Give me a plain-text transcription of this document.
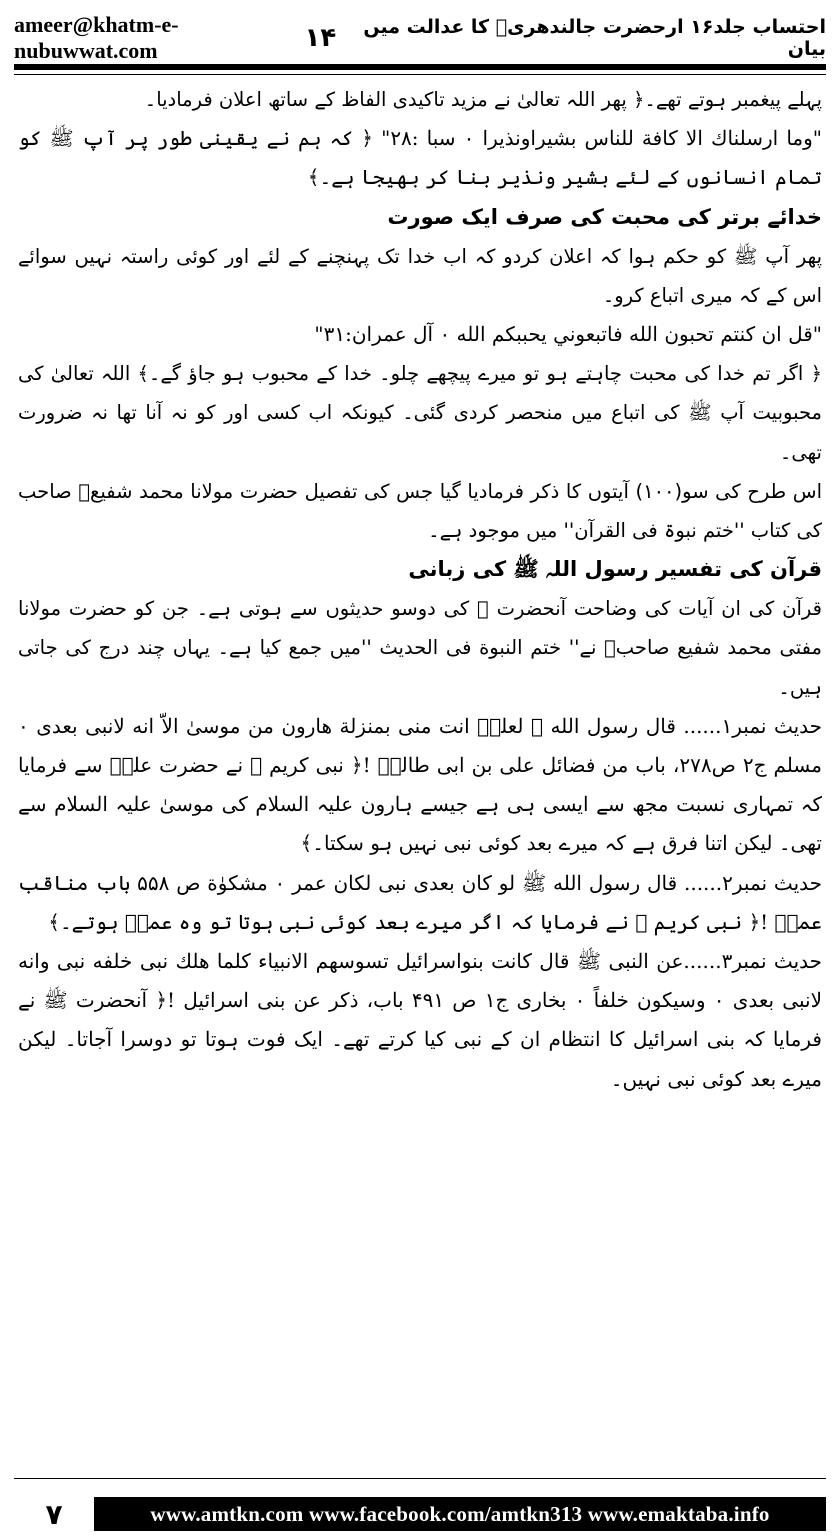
ameer@khatm-e-nubuwwat.com
احتساب جلد۱۶ ارحضرت جالندھریؒ کا عدالت میں بیان
۱۴

پہلے پیغمبر ہوتے تھے۔﴿ پھر اللہ تعالیٰ نے مزید تاکیدی الفاظ کے ساتھ اعلان فرمادیا۔

"وما ارسلناك الا كافة للناس بشيراونذيرا ۰ سبا :۲۸" ﴿ کہ ہم نے یقینی طور پر آپ ﷺ کو تمام انسانوں کے لئے بشیر ونذیر بنا کر بھیجا ہے۔﴾

خدائے برتر کی محبت کی صرف ایک صورت

پھر آپ ﷺ کو حکم ہوا کہ اعلان کردو کہ اب خدا تک پہنچنے کے لئے اور کوئی راستہ نہیں سوائے اس کے کہ میری اتباع کرو۔

"قل ان كنتم تحبون الله فاتبعوني يحببكم الله ۰ آل عمران:۳۱"

﴿ اگر تم خدا کی محبت چاہتے ہو تو میرے پیچھے چلو۔ خدا کے محبوب ہو جاؤ گے۔﴾ اللہ تعالیٰ کی محبوبیت آپ ﷺ کی اتباع میں منحصر کردی گئی۔ کیونکہ اب کسی اور کو نہ آنا تھا نہ ضرورت تھی۔

اس طرح کی سو(۱۰۰) آیتوں کا ذکر فرمادیا گیا جس کی تفصیل حضرت مولانا محمد شفیعؒ صاحب کی کتاب ''ختم نبوۃ فی القرآن'' میں موجود ہے۔

قرآن کی تفسیر رسول اللہ ﷺ کی زبانی

قرآن کی ان آیات کی وضاحت آنحضرت ﷺ کی دوسو حدیثوں سے ہوتی ہے۔ جن کو حضرت مولانا مفتی محمد شفیع صاحبؒ نے'' ختم النبوة فی الحدیث ''میں جمع کیا ہے۔ یہاں چند درج کی جاتی ہیں۔

حدیث نمبر۱...... قال رسول الله ﷺ لعلیؓ انت منی بمنزلة هارون من موسیٰ الاّ انه لانبی بعدی ۰ مسلم ج۲ ص۲۷۸، باب من فضائل علی بن ابی طالبؓ !﴿ نبی کریم ﷺ نے حضرت علیؓ سے فرمایا کہ تمہاری نسبت مجھ سے ایسی ہی ہے جیسے ہارون علیہ السلام کی موسیٰ علیہ السلام سے تھی۔ لیکن اتنا فرق ہے کہ میرے بعد کوئی نبی نہیں ہو سکتا۔﴾

حدیث نمبر۲...... قال رسول الله ﷺ لو كان بعدى نبى لكان عمر ۰ مشکوٰة ص ۵۵۸ باب مناقب عمرؓ !﴿ نبی کریم ﷺ نے فرمایا کہ اگر میرے بعد کوئی نبی ہوتا تو وہ عمرؓ ہوتے۔﴾

حدیث نمبر۳......عن النبی ﷺ قال كانت بنواسرائيل تسوسهم الانبياء كلما هلك نبى خلفه نبى وانه لانبى بعدى ۰ وسيكون خلفاً ۰ بخارى ج۱ ص ۴۹۱ باب، ذکر عن بنی اسرائیل !﴿ آنحضرت ﷺ نے فرمایا کہ بنی اسرائیل کا انتظام ان کے نبی کیا کرتے تھے۔ ایک فوت ہوتا تو دوسرا آجاتا۔ لیکن میرے بعد کوئی نبی نہیں۔

۷	www.amtkn.com www.facebook.com/amtkn313 www.emaktaba.info
